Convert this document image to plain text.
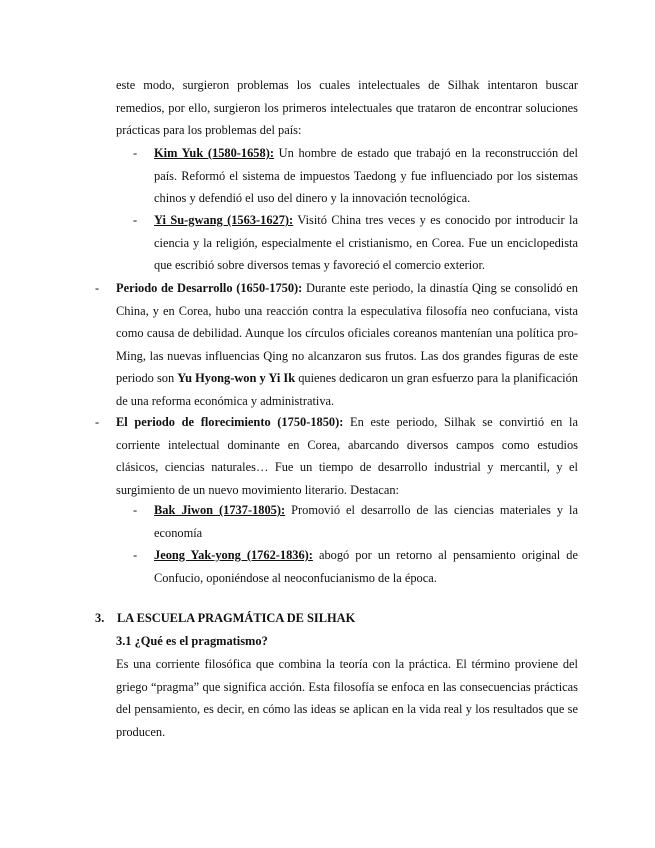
este modo, surgieron problemas los cuales intelectuales de Silhak intentaron buscar remedios, por ello, surgieron los primeros intelectuales que trataron de encontrar soluciones prácticas para los problemas del país:
- Kim Yuk (1580-1658): Un hombre de estado que trabajó en la reconstrucción del país. Reformó el sistema de impuestos Taedong y fue influenciado por los sistemas chinos y defendió el uso del dinero y la innovación tecnológica.
- Yi Su-gwang (1563-1627): Visitó China tres veces y es conocido por introducir la ciencia y la religión, especialmente el cristianismo, en Corea. Fue un enciclopedista que escribió sobre diversos temas y favoreció el comercio exterior.
- Periodo de Desarrollo (1650-1750): Durante este periodo, la dinastía Qing se consolidó en China, y en Corea, hubo una reacción contra la especulativa filosofía neo confuciana, vista como causa de debilidad. Aunque los círculos oficiales coreanos mantenían una política pro-Ming, las nuevas influencias Qing no alcanzaron sus frutos. Las dos grandes figuras de este periodo son Yu Hyong-won y Yi Ik quienes dedicaron un gran esfuerzo para la planificación de una reforma económica y administrativa.
- El periodo de florecimiento (1750-1850): En este periodo, Silhak se convirtió en la corriente intelectual dominante en Corea, abarcando diversos campos como estudios clásicos, ciencias naturales… Fue un tiempo de desarrollo industrial y mercantil, y el surgimiento de un nuevo movimiento literario. Destacan:
- Bak Jiwon (1737-1805): Promovió el desarrollo de las ciencias materiales y la economía
- Jeong Yak-yong (1762-1836): abogó por un retorno al pensamiento original de Confucio, oponiéndose al neoconfucianismo de la época.
3. LA ESCUELA PRAGMÁTICA DE SILHAK
3.1 ¿Qué es el pragmatismo?
Es una corriente filosófica que combina la teoría con la práctica. El término proviene del griego “pragma” que significa acción. Esta filosofía se enfoca en las consecuencias prácticas del pensamiento, es decir, en cómo las ideas se aplican en la vida real y los resultados que se producen.
